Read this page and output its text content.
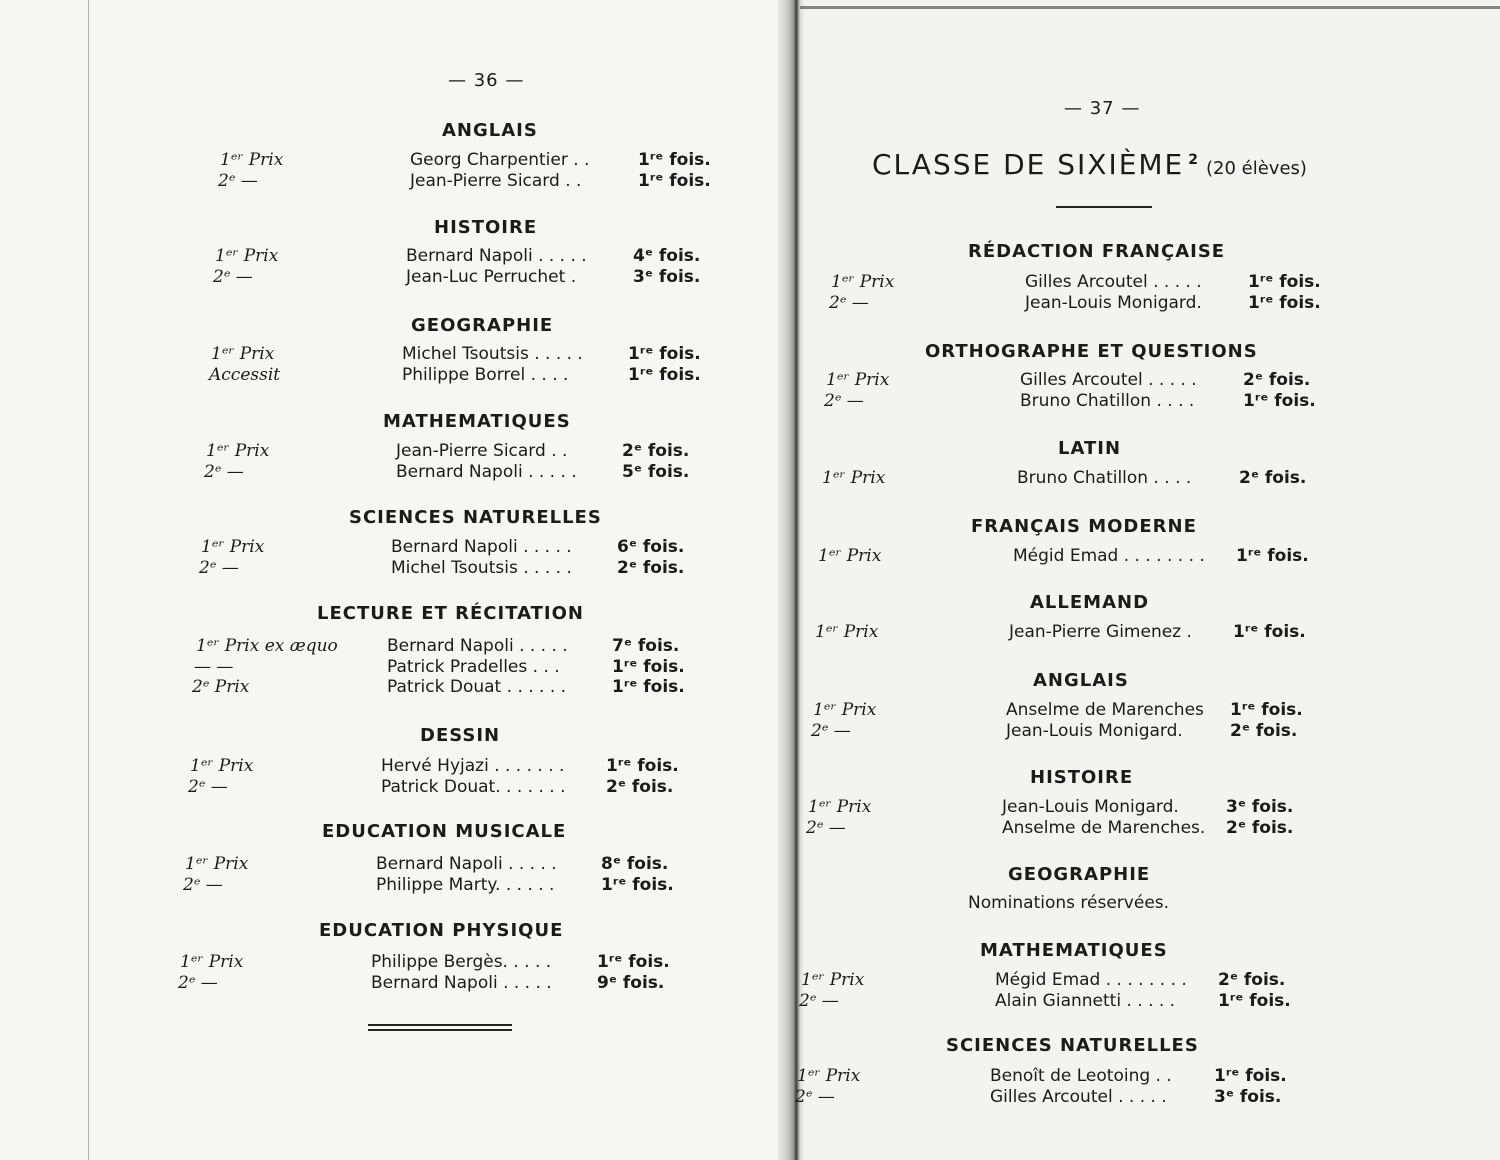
— 36 —
— 37 —
CLASSE DE SIXIÈME $^2$ (20 élèves)
ANGLAIS
1ᵉʳ Prix	Georg Charpentier . .	1ʳᵉ fois.
2ᵉ —	Jean-Pierre Sicard . .	1ʳᵉ fois.
HISTOIRE
1ᵉʳ Prix	Bernard Napoli . . . . .	4ᵉ fois.
2ᵉ —	Jean-Luc Perruchet .	3ᵉ fois.
GEOGRAPHIE
1ᵉʳ Prix	Michel Tsoutsis . . . . .	1ʳᵉ fois.
Accessit	Philippe Borrel . . . .	1ʳᵉ fois.
MATHEMATIQUES
1ᵉʳ Prix	Jean-Pierre Sicard . .	2ᵉ fois.
2ᵉ —	Bernard Napoli . . . . .	5ᵉ fois.
SCIENCES NATURELLES
1ᵉʳ Prix	Bernard Napoli . . . . .	6ᵉ fois.
2ᵉ —	Michel Tsoutsis . . . . .	2ᵉ fois.
LECTURE ET RÉCITATION
1ᵉʳ Prix ex æquo	Bernard Napoli . . . . .	7ᵉ fois.
— —	Patrick Pradelles . . .	1ʳᵉ fois.
2ᵉ Prix	Patrick Douat . . . . . .	1ʳᵉ fois.
DESSIN
1ᵉʳ Prix	Hervé Hyjazi . . . . . . . 1ʳᵉ fois.
2ᵉ —	Patrick Douat. . . . . . . 2ᵉ fois.
EDUCATION MUSICALE
1ᵉʳ Prix	Bernard Napoli . . . . .	8ᵉ fois.
2ᵉ —	Philippe Marty. . . . . .	1ʳᵉ fois.
EDUCATION PHYSIQUE
1ᵉʳ Prix	Philippe Bergès. . . . .	1ʳᵉ fois.
2ᵉ —	Bernard Napoli . . . . .	9ᵉ fois.
RÉDACTION FRANÇAISE
1ᵉʳ Prix	Gilles Arcoutel . . . . .	1ʳᵉ fois.
2ᵉ —	Jean-Louis Monigard.	1ʳᵉ fois.
ORTHOGRAPHE ET QUESTIONS
1ᵉʳ Prix	Gilles Arcoutel . . . . .	2ᵉ fois.
2ᵉ —	Bruno Chatillon . . . .	1ʳᵉ fois.
LATIN
1ᵉʳ Prix	Bruno Chatillon . . . .	2ᵉ fois.
FRANÇAIS MODERNE
1ᵉʳ Prix	Mégid Emad . . . . . . . . 1ʳᵉ fois.
ALLEMAND
1ᵉʳ Prix	Jean-Pierre Gimenez . 1ʳᵉ fois.
ANGLAIS
1ᵉʳ Prix	Anselme de Marenches 1ʳᵉ fois.
2ᵉ —	Jean-Louis Monigard.	2ᵉ fois.
HISTOIRE
1ᵉʳ Prix	Jean-Louis Monigard.	3ᵉ fois.
2ᵉ —	Anselme de Marenches. 2ᵉ fois.
GEOGRAPHIE
Nominations réservées.
MATHEMATIQUES
1ᵉʳ Prix	Mégid Emad . . . . . . . . 2ᵉ fois.
2ᵉ —	Alain Giannetti . . . . .	1ʳᵉ fois.
SCIENCES NATURELLES
1ᵉʳ Prix	Benoît de Leotoing . . 1ʳᵉ fois.
2ᵉ —	Gilles Arcoutel . . . . .	3ᵉ fois.
